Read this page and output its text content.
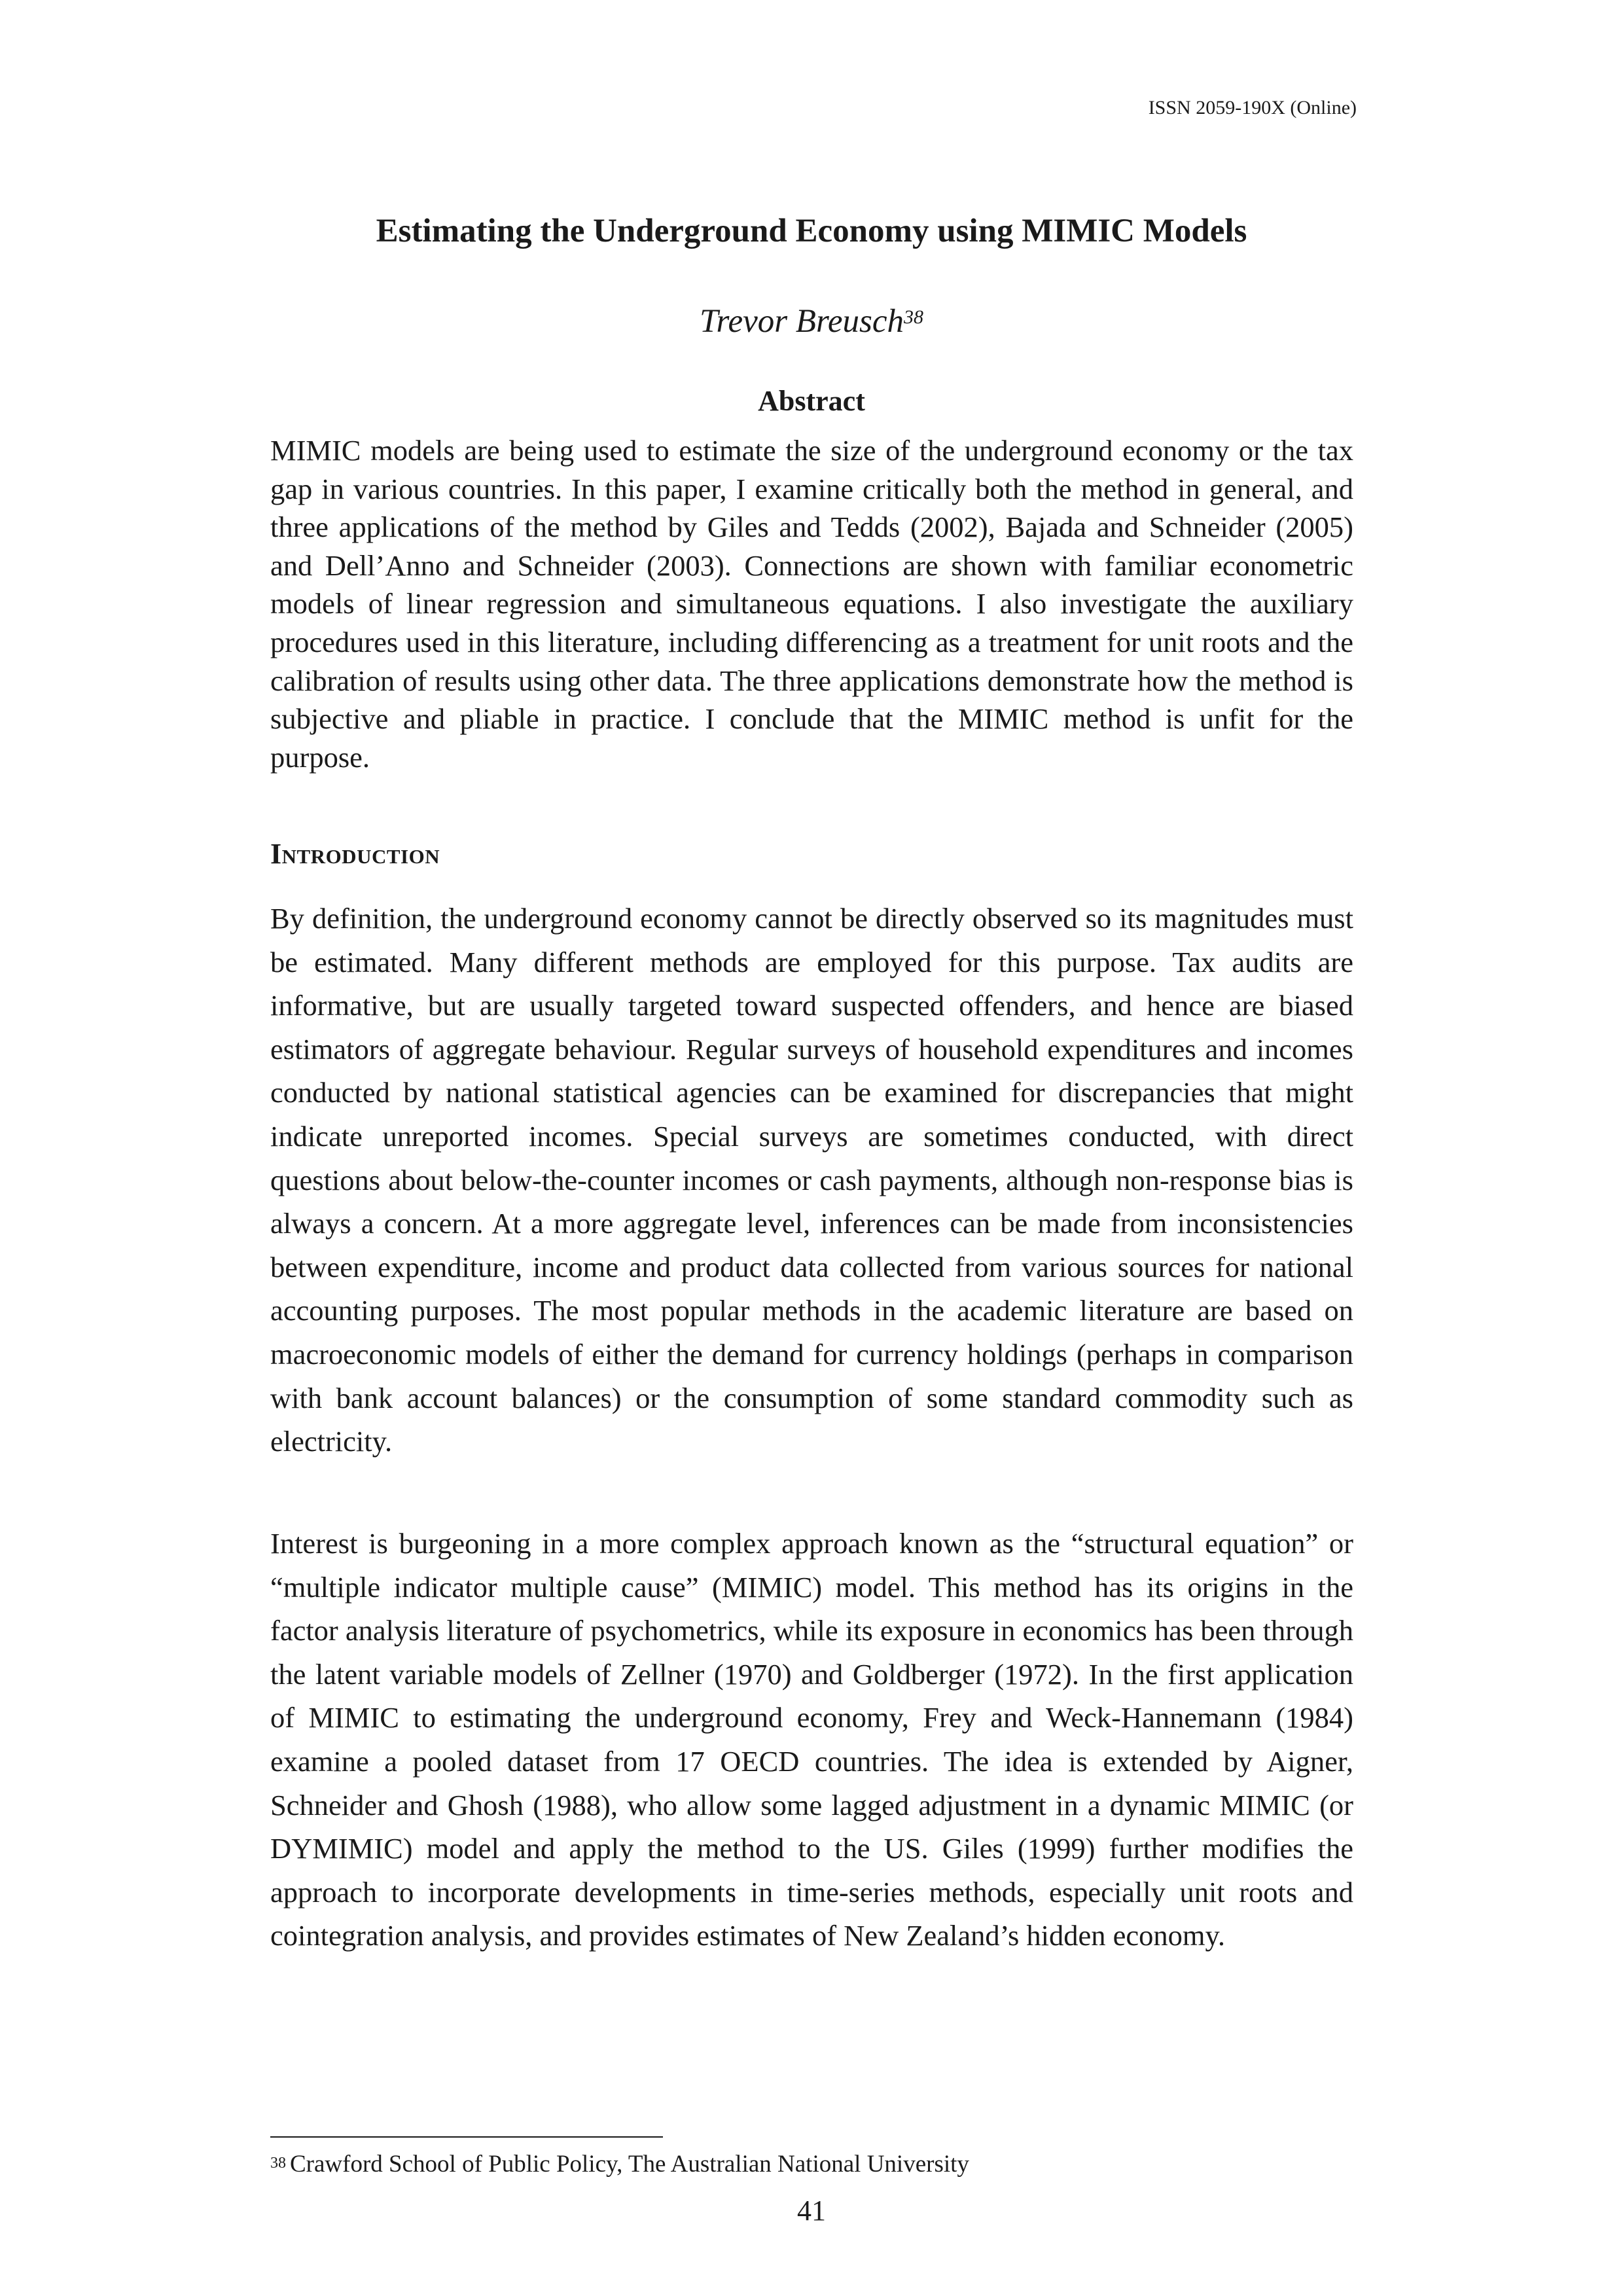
ISSN 2059-190X (Online)
Estimating the Underground Economy using MIMIC Models
Trevor Breusch$^{38}$
Abstract

MIMIC models are being used to estimate the size of the underground economy or the tax gap in various countries. In this paper, I examine critically both the method in general, and three applications of the method by Giles and Tedds (2002), Bajada and Schneider (2005) and Dell’Anno and Schneider (2003). Connections are shown with familiar econometric models of linear regression and simultaneous equations. I also investigate the auxiliary procedures used in this literature, including differencing as a treatment for unit roots and the calibration of results using other data. The three applications demonstrate how the method is subjective and pliable in practice. I conclude that the MIMIC method is unfit for the purpose.

Introduction

By definition, the underground economy cannot be directly observed so its magnitudes must be estimated. Many different methods are employed for this purpose. Tax audits are informative, but are usually targeted toward suspected offenders, and hence are biased estimators of aggregate behaviour. Regular surveys of household expenditures and incomes conducted by national statistical agencies can be examined for discrepancies that might indicate unreported incomes. Special surveys are sometimes conducted, with direct questions about below-the-counter incomes or cash payments, although non-response bias is always a concern. At a more aggregate level, inferences can be made from inconsistencies between expenditure, income and product data collected from various sources for national accounting purposes. The most popular methods in the academic literature are based on macroeconomic models of either the demand for currency holdings (perhaps in comparison with bank account balances) or the consumption of some standard commodity such as electricity.

Interest is burgeoning in a more complex approach known as the “structural equation” or “multiple indicator multiple cause” (MIMIC) model. This method has its origins in the factor analysis literature of psychometrics, while its exposure in economics has been through the latent variable models of Zellner (1970) and Goldberger (1972). In the first application of MIMIC to estimating the underground economy, Frey and Weck-Hannemann (1984) examine a pooled dataset from 17 OECD countries. The idea is extended by Aigner, Schneider and Ghosh (1988), who allow some lagged adjustment in a dynamic MIMIC (or DYMIMIC) model and apply the method to the US. Giles (1999) further modifies the approach to incorporate developments in time-series methods, especially unit roots and cointegration analysis, and provides estimates of New Zealand’s hidden economy.

$^{38}$ Crawford School of Public Policy, The Australian National University
41
